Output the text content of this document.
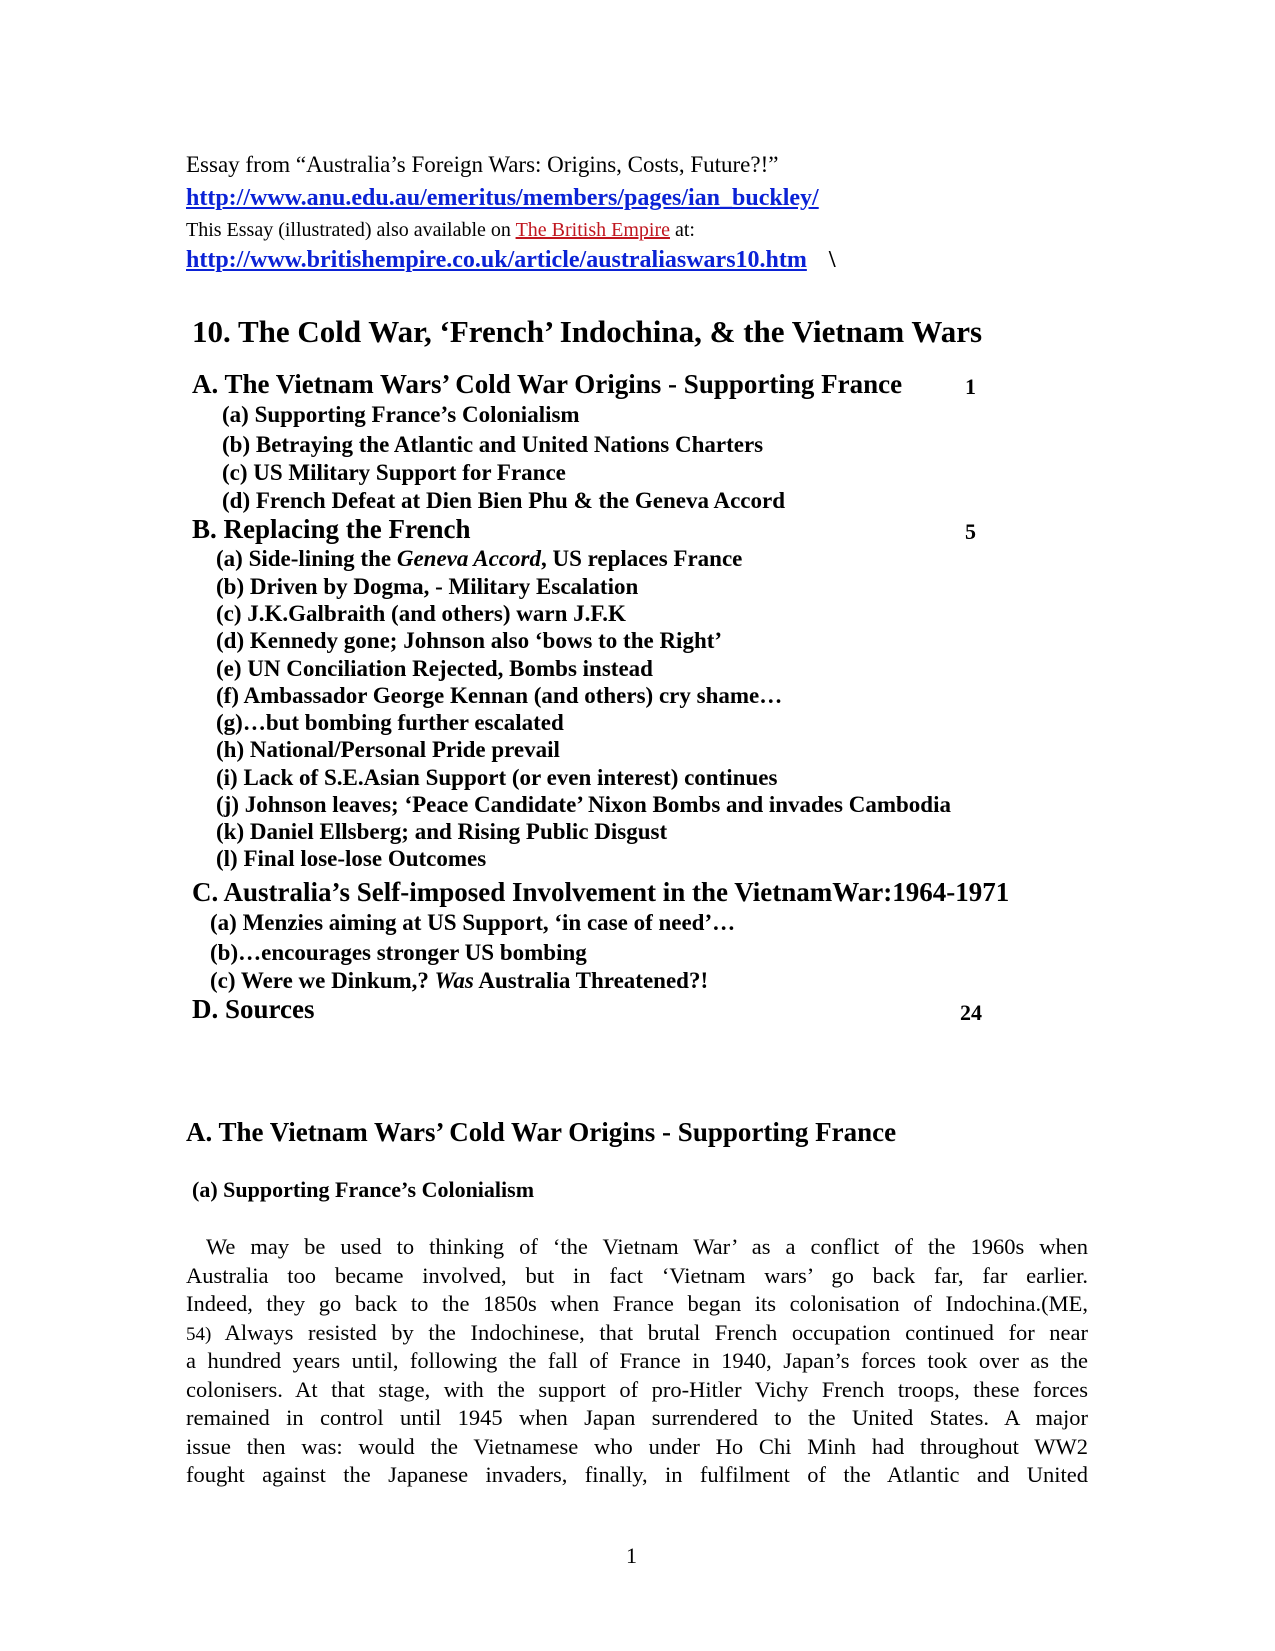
Essay from “Australia’s Foreign Wars: Origins, Costs, Future?!”
http://www.anu.edu.au/emeritus/members/pages/ian_buckley/
This Essay (illustrated) also available on The British Empire at:
http://www.britishempire.co.uk/article/australiaswars10.htm \
10. The Cold War, ‘French’ Indochina, & the Vietnam Wars
A. The Vietnam Wars’ Cold War Origins - Supporting France	1
(a) Supporting France’s Colonialism
(b) Betraying the Atlantic and United Nations Charters
(c) US Military Support for France
(d) French Defeat at Dien Bien Phu & the Geneva Accord
B. Replacing the French	5
(a) Side-lining the Geneva Accord, US replaces France
(b) Driven by Dogma, - Military Escalation
(c) J.K.Galbraith (and others) warn J.F.K
(d) Kennedy gone; Johnson also ‘bows to the Right’
(e) UN Conciliation Rejected, Bombs instead
(f) Ambassador George Kennan (and others) cry shame…
(g)…but bombing further escalated
(h) National/Personal Pride prevail
(i) Lack of S.E.Asian Support (or even interest) continues
(j) Johnson leaves; ‘Peace Candidate’ Nixon Bombs and invades Cambodia
(k) Daniel Ellsberg; and Rising Public Disgust
(l) Final lose-lose Outcomes
C. Australia’s Self-imposed Involvement in the VietnamWar:1964-1971
(a) Menzies aiming at US Support, ‘in case of need’…
(b)…encourages stronger US bombing
(c) Were we Dinkum,? Was Australia Threatened?!
D. Sources	24
A. The Vietnam Wars’ Cold War Origins - Supporting France
(a) Supporting France’s Colonialism
We may be used to thinking of ‘the Vietnam War’ as a conflict of the 1960s when
Australia too became involved, but in fact ‘Vietnam wars’ go back far, far earlier.
Indeed, they go back to the 1850s when France began its colonisation of Indochina.(ME,
54) Always resisted by the Indochinese, that brutal French occupation continued for near
a hundred years until, following the fall of France in 1940, Japan’s forces took over as the
colonisers. At that stage, with the support of pro-Hitler Vichy French troops, these forces
remained in control until 1945 when Japan surrendered to the United States. A major
issue then was: would the Vietnamese who under Ho Chi Minh had throughout WW2
fought against the Japanese invaders, finally, in fulfilment of the Atlantic and United
1
